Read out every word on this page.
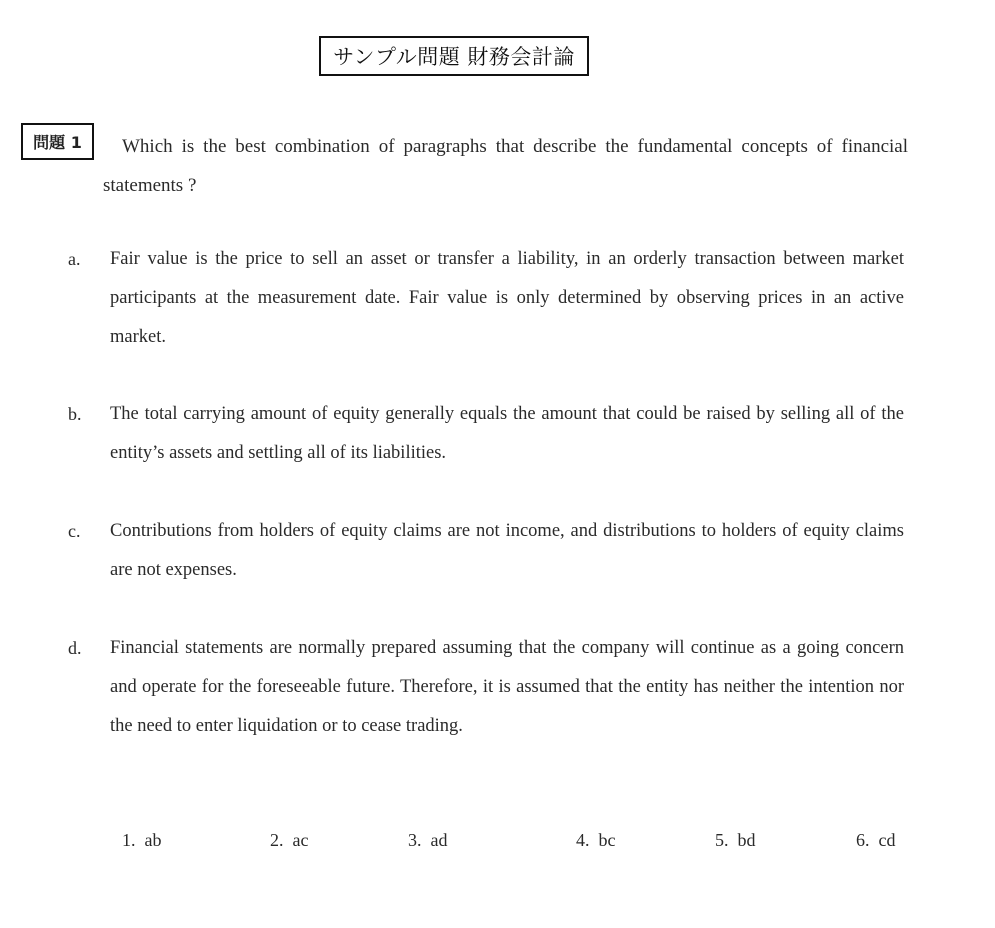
サンプル問題 財務会計論
問題 1	Which is the best combination of paragraphs that describe the fundamental concepts of financial statements ?
a. Fair value is the price to sell an asset or transfer a liability, in an orderly transaction between market participants at the measurement date. Fair value is only determined by observing prices in an active market.
b. The total carrying amount of equity generally equals the amount that could be raised by selling all of the entity’s assets and settling all of its liabilities.
c. Contributions from holders of equity claims are not income, and distributions to holders of equity claims are not expenses.
d. Financial statements are normally prepared assuming that the company will continue as a going concern and operate for the foreseeable future. Therefore, it is assumed that the entity has neither the intention nor the need to enter liquidation or to cease trading.
1. ab	2. ac	3. ad	4. bc	5. bd	6. cd
